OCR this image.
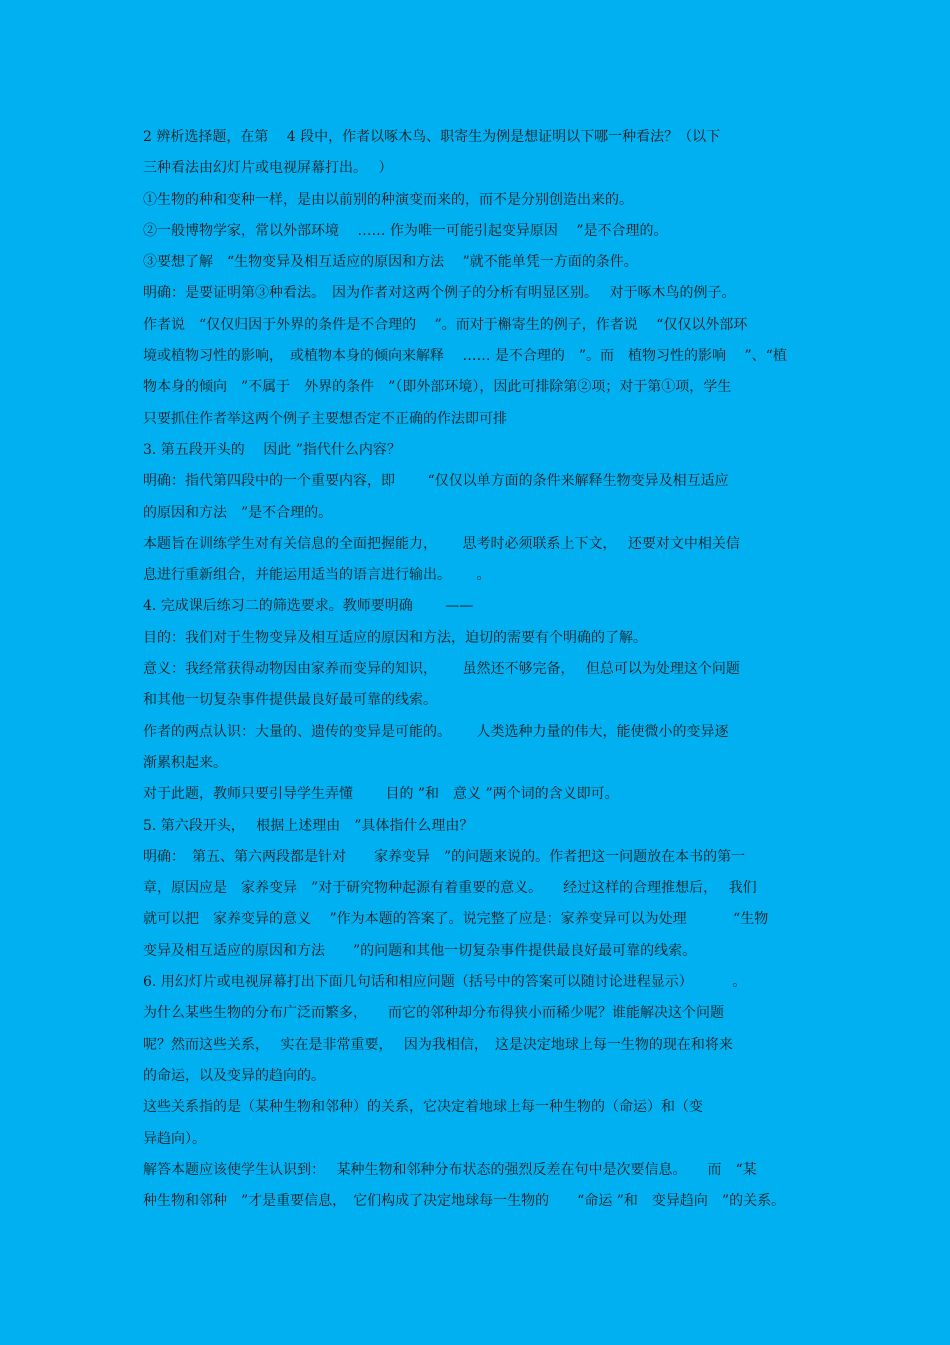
2 辨析选择题，在第　 4 段中，作者以啄木鸟、职寄生为例是想证明以下哪一种看法？（以下
三种看法由幻灯片或电视屏幕打出。　 ）
①生物的种和变种一样，是由以前别的种演变而来的，而不是分别创造出来的。
②一般博物学家，常以外部环境　 …… 作为唯一可能引起变异原因　 ”是不合理的。
③要想了解　“生物变异及相互适应的原因和方法　 ”就不能单凭一方面的条件。
明确：是要证明第③种看法。　因为作者对这两个例子的分析有明显区别。　 对于啄木鸟的例子。
作者说　“仅仅归因于外界的条件是不合理的　 ”。而对于槲寄生的例子，作者说　 “仅仅以外部环
境或植物习性的影响，　或植物本身的倾向来解释　 …… 是不合理的　”。而　植物习性的影响　 ”、“植
物本身的倾向　”不属于　外界的条件　”（即外部环境），因此可排除第②项；对于第①项，学生
只要抓住作者举这两个例子主要想否定不正确的作法即可排
3. 第五段开头的　 因此 ”指代什么内容？
明确：指代第四段中的一个重要内容，即　　 “仅仅以单方面的条件来解释生物变异及相互适应
的原因和方法　”是不合理的。
本题旨在训练学生对有关信息的全面把握能力，　　 思考时必须联系上下文，　 还要对文中相关信
息进行重新组合，并能运用适当的语言进行输出。　 　。
4. 完成课后练习二的筛选要求。教师要明确　　 ——
目的：我们对于生物变异及相互适应的原因和方法，迫切的需要有个明确的了解。
意义：我经常获得动物因由家养而变异的知识，　　 虽然还不够完备，　 但总可以为处理这个问题
和其他一切复杂事件提供最良好最可靠的线索。
作者的两点认识：大量的、遗传的变异是可能的。　　 人类选种力量的伟大，能使微小的变异逐
渐累积起来。
对于此题，教师只要引导学生弄懂　　 目的 ”和　意义 ”两个词的含义即可。
5. 第六段开头，　 根据上述理由　”具体指什么理由？
明确：　第五、第六两段都是针对　　家养变异　”的问题来说的。作者把这一问题放在本书的第一
章，原因应是　家养变异　”对于研究物种起源有着重要的意义。　　经过这样的合理推想后，　 我们
就可以把　家养变异的意义　 ”作为本题的答案了。说完整了应是：家养变异可以为处理　　　 “生物
变异及相互适应的原因和方法　　”的问题和其他一切复杂事件提供最良好最可靠的线索。
6. 用幻灯片或电视屏幕打出下面几句话和相应问题（括号中的答案可以随讨论进程显示）　　　 。
为什么某些生物的分布广泛而繁多，　　而它的邻种却分布得狭小而稀少呢？谁能解决这个问题
呢？然而这些关系，　 实在是非常重要，　 因为我相信，　这是决定地球上每一生物的现在和将来
的命运，以及变异的趋向的。
这些关系指的是（某种生物和邻种）的关系，它决定着地球上每一种生物的（命运）和（变
异趋向）。
解答本题应该使学生认识到：　 某种生物和邻种分布状态的强烈反差在句中是次要信息。　　而　“某
种生物和邻种　”才是重要信息，　它们构成了决定地球每一生物的　　“命运 ”和　变异趋向　”的关系。
